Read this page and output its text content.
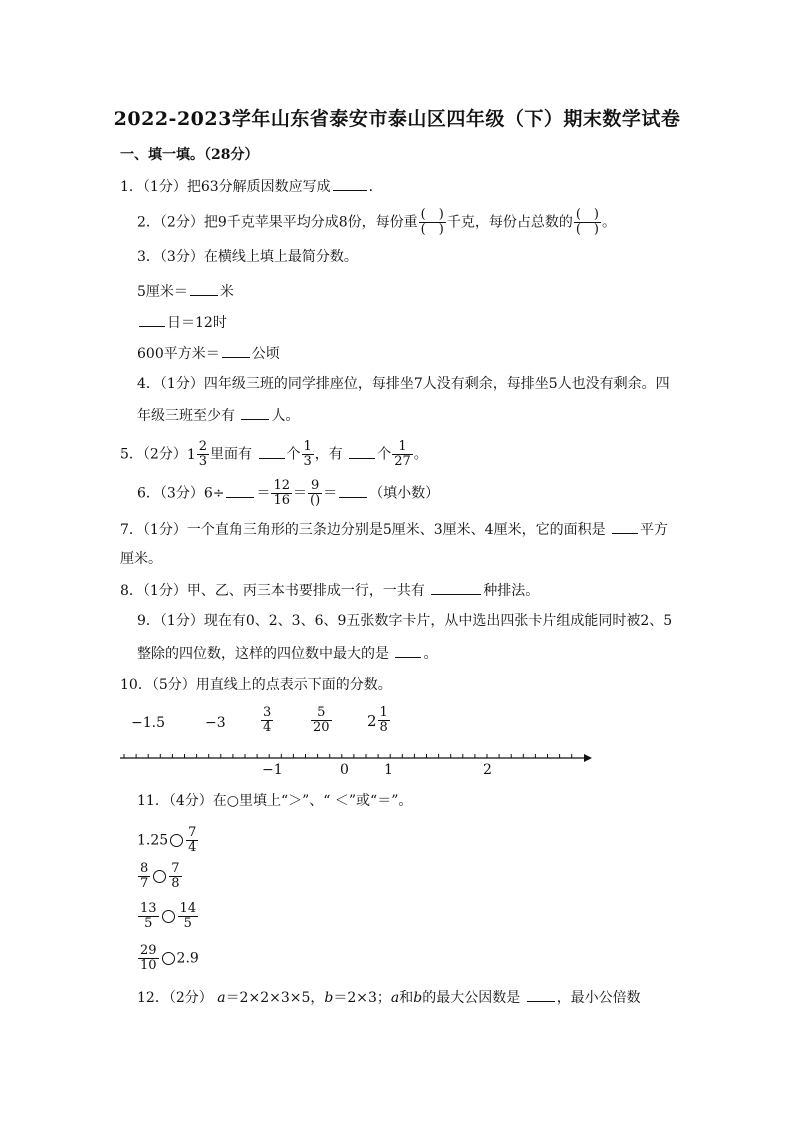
2022-2023学年山东省泰安市泰山区四年级（下）期末数学试卷
一、填一填。（28分）
1．（1分）把63分解质因数应写成	．
2．（2分）把9千克苹果平均分成8份，每份重 $\frac{( )}{( )}$ 千克，每份占总数的 $\frac{( )}{( )}$ 。
3．（3分）在横线上填上最简分数。
5厘米＝ 米
日＝12时
600平方米＝ 公顷
4．（1分）四年级三班的同学排座位，每排坐7人没有剩余，每排坐5人也没有剩余。四
年级三班至少有	人。
5．（2分） $1 \frac{2}{3}$ 里面有 个 $\frac{1}{3}$ ，有 个 $\frac{1}{27}$ 。
6．（3分）$6\div = \frac{12}{16} = \frac{9}{()}$ ＝ （填小数）
7．（1分）一个直角三角形的三条边分别是5厘米、3厘米、4厘米，它的面积是 平方
厘米。
8．（1分）甲、乙、丙三本书要排成一行，一共有	种排法。
9．（1分）现在有0、2、3、6、9五张数字卡片，从中选出四张卡片组成能同时被2、5
整除的四位数，这样的四位数中最大的是 。
10．（5分）用直线上的点表示下面的分数。
−1.5	−3	$\frac{3}{4}$	$\frac{5}{20} 2 \frac{1}{8}$
−1	0	1	2
11．（4分）在○里填上“＞”、“ ＜”或“＝”。
$1.25 \frac{7}{4}$
$\frac{8}{7} \frac{7}{8}$
$\frac{13}{5} \frac{14}{5}$
$\frac{29}{10} 2.9$
12．（2分） a＝2×2×3×5，b＝2×3；a和b的最大公因数是	，最小公倍数
